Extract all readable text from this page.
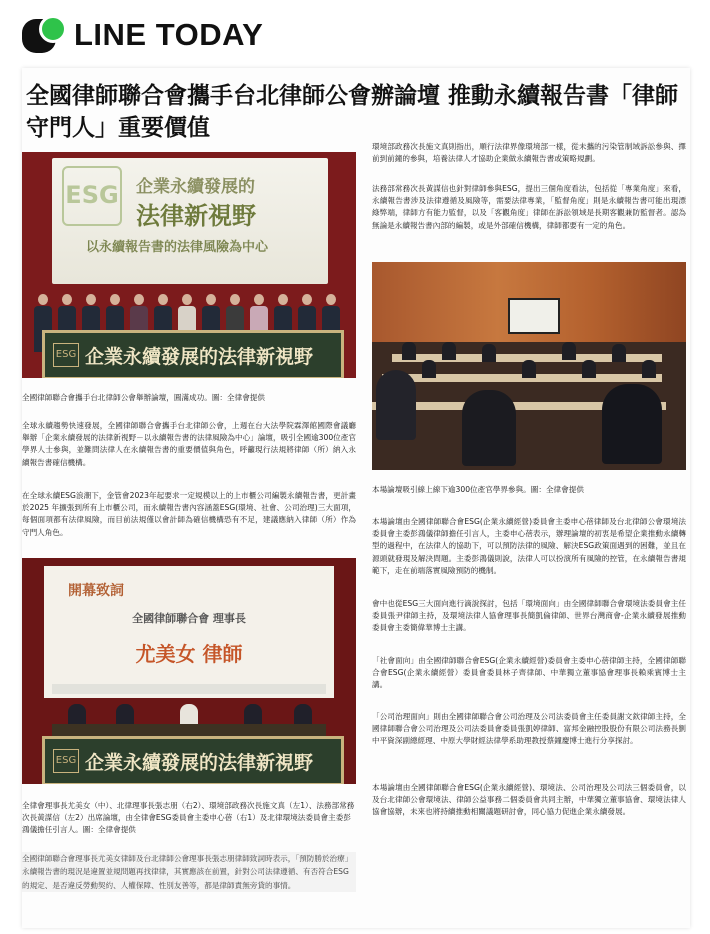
LINE TODAY
全國律師聯合會攜手台北律師公會辦論壇 推動永續報告書「律師守門人」重要價值
ESG 企業永續發展的
法律新視野
以永續報告書的法律風險為中心
ESG 企業永續發展的法律新視野

全國律師聯合會攜手台北律師公會舉辦論壇，圓滿成功。圖：全律會提供

全球永續趨勢快速發展，全國律師聯合會攜手台北律師公會，上週在台大法學院霖澤館國際會議廳舉辦「企業永續發展的法律新視野－以永續報告書的法律風險為中心」論壇，吸引全國逾300位產官學界人士參與，並難問法律人在永續報告書的重要價值與角色，呼籲現行法規將律師（所）納入永續報告書確信機構。

在全球永續ESG浪潮下，金管會2023年起要求一定規模以上的上市櫃公司編製永續報告書，更計畫於2025 年擴張到所有上市櫃公司，而永續報告書內容涵蓋ESG(環境、社會、公司治理)三大面項，每個面項都有法律風險，而目前法規僅以會計師為確信機構恐有不足，建議應納入律師（所）作為守門人角色。

開幕致詞
全國律師聯合會 理事長
尤美女 律師
ESG 企業永續發展的法律新視野

全律會理事長尤美女（中）、北律理事長張志朋（右2）、環境部政務次長施文真（左1）、法務部常務次長黃謀信（左2）出席論壇，由全律會ESG委員會主委申心蓓（右1）及北律環境法委員會主委彭鴻儀擔任引言人。圖：全律會提供

全國律師聯合會理事長尤美女律師及台北律師公會理事長張志朋律師致詞時表示，「預防勝於治療」永續報告書的現況是違置並規問題再找律律，其實應該在前置，針對公司法律遵循、有否符合ESG的規定、是否違反勞動契約、人權保障、性別友善等，都是律師責無旁貸的事情。

環境部政務次長施文真則指出，順行法律界像環境部一樣，從未攜的污染管制域訴訟參與、擇前到前鐘的參與，培養法律人才協助企業做永續報告書或策略規劃。

法務部常務次長黃謀信也針對律師參與ESG，提出三個角度看法，包括從「專業角度」來看，永續報告書涉及法律遵循及風險等，需要法律專業，「監督角度」則是永續報告書可能出現漂綠弊端，律師方有能力監督，以及「客觀角度」律師在訴訟領域是長期客觀兼防監督者。認為無論是永續報告書內部的編製，或是外部確信機構，律師都要有一定的角色。

本場論壇吸引線上線下逾300位產官學界參與。圖：全律會提供

本場論壇由全國律師聯合會ESG(企業永續經營)委員會主委申心蓓律師及台北律師公會環境法委員會主委彭鴻儀律師擔任引言人，主委申心蓓表示，辦理論壇的初衷是希望企業推動永續轉型的過程中，在法律人的協助下，可以預防法律的風險、解決ESG政策面遇到的困難，並且在源頭就發現及解決問題。主委彭鴻儀則說，法律人可以扮演所有風險的控管，在永續報告書規範下，走在前端落實風險預防的機制。

會中也從ESG三大面向進行滴說探討，包括「環境面向」由全國律師聯合會環境法委員會主任委員張尹律師主持，及環境法律人協會理事長簡凱倫律師、世界台灣商會-企業永續發展推動委員會主委簡偉華博士主講。

「社會面向」由全國律師聯合會ESG(企業永續經營)委員會主委申心蓓律師主持，全國律師聯合會ESG(企業永續經營）委員會委員林子齊律師、中華獨立董事協會理事長賴乘賓博士主講。

「公司治理面向」則由全國律師聯合會公司治理及公司法委員會主任委員謝文欽律師主持，全國律師聯合會公司治理及公司法委員會委員張凱婷律師、富邦金融控股股份有限公司法務長劉中平資深副總經理、中原大學財經法律學系助理教授蔡鐘慶博士進行分享探討。

本場論壇由全國律師聯合會ESG(企業永續經營)、環境法、公司治理及公司法三個委員會，以及台北律師公會環境法、律師公益事務二個委員會共同主辦，中華獨立董事協會、環境法律人協會協辦，未來也將持續推動相關議題研討會，同心協力促進企業永續發展。
